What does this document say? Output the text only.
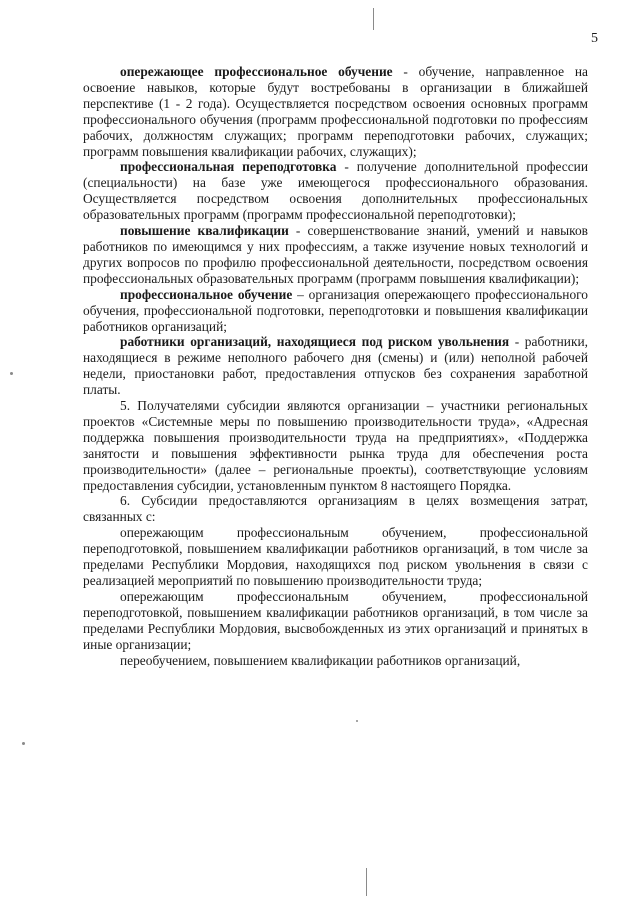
5

опережающее профессиональное обучение - обучение, направленное на освоение навыков, которые будут востребованы в организации в ближайшей перспективе (1 - 2 года). Осуществляется посредством освоения основных программ профессионального обучения (программ профессиональной подготовки по профессиям рабочих, должностям служащих; программ переподготовки рабочих, служащих; программ повышения квалификации рабочих, служащих);

профессиональная переподготовка - получение дополнительной профессии (специальности) на базе уже имеющегося профессионального образования. Осуществляется посредством освоения дополнительных профессиональных образовательных программ (программ профессиональной переподготовки);

повышение квалификации - совершенствование знаний, умений и навыков работников по имеющимся у них профессиям, а также изучение новых технологий и других вопросов по профилю профессиональной деятельности, посредством освоения профессиональных образовательных программ (программ повышения квалификации);

профессиональное обучение – организация опережающего профессионального обучения, профессиональной подготовки, переподготовки и повышения квалификации работников организаций;

работники организаций, находящиеся под риском увольнения - работники, находящиеся в режиме неполного рабочего дня (смены) и (или) неполной рабочей недели, приостановки работ, предоставления отпусков без сохранения заработной платы.

5. Получателями субсидии являются организации – участники региональных проектов «Системные меры по повышению производительности труда», «Адресная поддержка повышения производительности труда на предприятиях», «Поддержка занятости и повышения эффективности рынка труда для обеспечения роста производительности» (далее – региональные проекты), соответствующие условиям предоставления субсидии, установленным пунктом 8 настоящего Порядка.

6. Субсидии предоставляются организациям в целях возмещения затрат, связанных с:

опережающим профессиональным обучением, профессиональной переподготовкой, повышением квалификации работников организаций, в том числе за пределами Республики Мордовия, находящихся под риском увольнения в связи с реализацией мероприятий по повышению производительности труда;

опережающим профессиональным обучением, профессиональной переподготовкой, повышением квалификации работников организаций, в том числе за пределами Республики Мордовия, высвобожденных из этих организаций и принятых в иные организации;

переобучением, повышением квалификации работников организаций,
